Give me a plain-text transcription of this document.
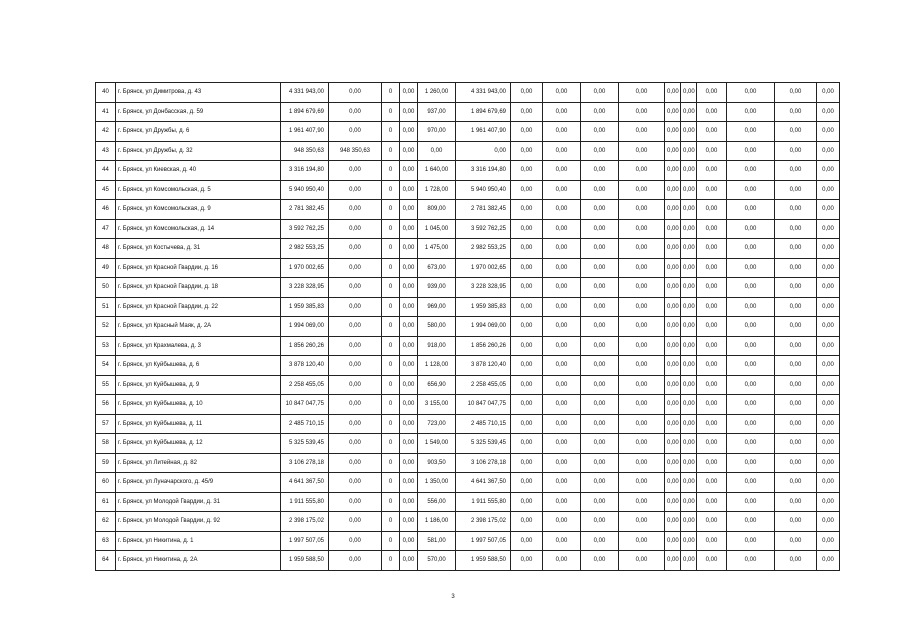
40	г. Брянск, ул Димитрова, д. 43	4 331 943,00	0,00	0	0,00	1 260,00	4 331 943,00	0,00	0,00	0,00	0,00	0,00	0,00	0,00	0,00	0,00	0,00
41	г. Брянск, ул Донбасская, д. 59	1 894 679,69	0,00	0	0,00	937,00	1 894 679,69	0,00	0,00	0,00	0,00	0,00	0,00	0,00	0,00	0,00	0,00
42	г. Брянск, ул Дружбы, д. 6	1 961 407,90	0,00	0	0,00	970,00	1 961 407,90	0,00	0,00	0,00	0,00	0,00	0,00	0,00	0,00	0,00	0,00
43	г. Брянск, ул Дружбы, д. 32	948 350,63	948 350,63	0	0,00	0,00	0,00	0,00	0,00	0,00	0,00	0,00	0,00	0,00	0,00	0,00	0,00
44	г. Брянск, ул Киевская, д. 40	3 316 194,80	0,00	0	0,00	1 640,00	3 316 194,80	0,00	0,00	0,00	0,00	0,00	0,00	0,00	0,00	0,00	0,00
45	г. Брянск, ул Комсомольская, д. 5	5 940 950,40	0,00	0	0,00	1 728,00	5 940 950,40	0,00	0,00	0,00	0,00	0,00	0,00	0,00	0,00	0,00	0,00
46	г. Брянск, ул Комсомольская, д. 9	2 781 382,45	0,00	0	0,00	809,00	2 781 382,45	0,00	0,00	0,00	0,00	0,00	0,00	0,00	0,00	0,00	0,00
47	г. Брянск, ул Комсомольская, д. 14	3 592 762,25	0,00	0	0,00	1 045,00	3 592 762,25	0,00	0,00	0,00	0,00	0,00	0,00	0,00	0,00	0,00	0,00
48	г. Брянск, ул Костычева, д. 31	2 982 553,25	0,00	0	0,00	1 475,00	2 982 553,25	0,00	0,00	0,00	0,00	0,00	0,00	0,00	0,00	0,00	0,00
49	г. Брянск, ул Красной Гвардии, д. 16	1 970 002,65	0,00	0	0,00	673,00	1 970 002,65	0,00	0,00	0,00	0,00	0,00	0,00	0,00	0,00	0,00	0,00
50	г. Брянск, ул Красной Гвардии, д. 18	3 228 328,95	0,00	0	0,00	939,00	3 228 328,95	0,00	0,00	0,00	0,00	0,00	0,00	0,00	0,00	0,00	0,00
51	г. Брянск, ул Красной Гвардии, д. 22	1 959 385,83	0,00	0	0,00	969,00	1 959 385,83	0,00	0,00	0,00	0,00	0,00	0,00	0,00	0,00	0,00	0,00
52	г. Брянск, ул Красный Маяк, д. 2А	1 994 069,00	0,00	0	0,00	580,00	1 994 069,00	0,00	0,00	0,00	0,00	0,00	0,00	0,00	0,00	0,00	0,00
53	г. Брянск, ул Крахмалева, д. 3	1 856 260,26	0,00	0	0,00	918,00	1 856 260,26	0,00	0,00	0,00	0,00	0,00	0,00	0,00	0,00	0,00	0,00
54	г. Брянск, ул Куйбышева, д. 6	3 878 120,40	0,00	0	0,00	1 128,00	3 878 120,40	0,00	0,00	0,00	0,00	0,00	0,00	0,00	0,00	0,00	0,00
55	г. Брянск, ул Куйбышева, д. 9	2 258 455,05	0,00	0	0,00	656,90	2 258 455,05	0,00	0,00	0,00	0,00	0,00	0,00	0,00	0,00	0,00	0,00
56	г. Брянск, ул Куйбышева, д. 10	10 847 047,75	0,00	0	0,00	3 155,00	10 847 047,75	0,00	0,00	0,00	0,00	0,00	0,00	0,00	0,00	0,00	0,00
57	г. Брянск, ул Куйбышева, д. 11	2 485 710,15	0,00	0	0,00	723,00	2 485 710,15	0,00	0,00	0,00	0,00	0,00	0,00	0,00	0,00	0,00	0,00
58	г. Брянск, ул Куйбышева, д. 12	5 325 539,45	0,00	0	0,00	1 549,00	5 325 539,45	0,00	0,00	0,00	0,00	0,00	0,00	0,00	0,00	0,00	0,00
59	г. Брянск, ул Литейная, д. 82	3 106 278,18	0,00	0	0,00	903,50	3 106 278,18	0,00	0,00	0,00	0,00	0,00	0,00	0,00	0,00	0,00	0,00
60	г. Брянск, ул Луначарского, д. 45/9	4 641 367,50	0,00	0	0,00	1 350,00	4 641 367,50	0,00	0,00	0,00	0,00	0,00	0,00	0,00	0,00	0,00	0,00
61	г. Брянск, ул Молодой Гвардии, д. 31	1 911 555,80	0,00	0	0,00	556,00	1 911 555,80	0,00	0,00	0,00	0,00	0,00	0,00	0,00	0,00	0,00	0,00
62	г. Брянск, ул Молодой Гвардии, д. 92	2 398 175,02	0,00	0	0,00	1 186,00	2 398 175,02	0,00	0,00	0,00	0,00	0,00	0,00	0,00	0,00	0,00	0,00
63	г. Брянск, ул Никитина, д. 1	1 997 507,05	0,00	0	0,00	581,00	1 997 507,05	0,00	0,00	0,00	0,00	0,00	0,00	0,00	0,00	0,00	0,00
64	г. Брянск, ул Никитина, д. 2А	1 959 588,50	0,00	0	0,00	570,00	1 959 588,50	0,00	0,00	0,00	0,00	0,00	0,00	0,00	0,00	0,00	0,00
3
